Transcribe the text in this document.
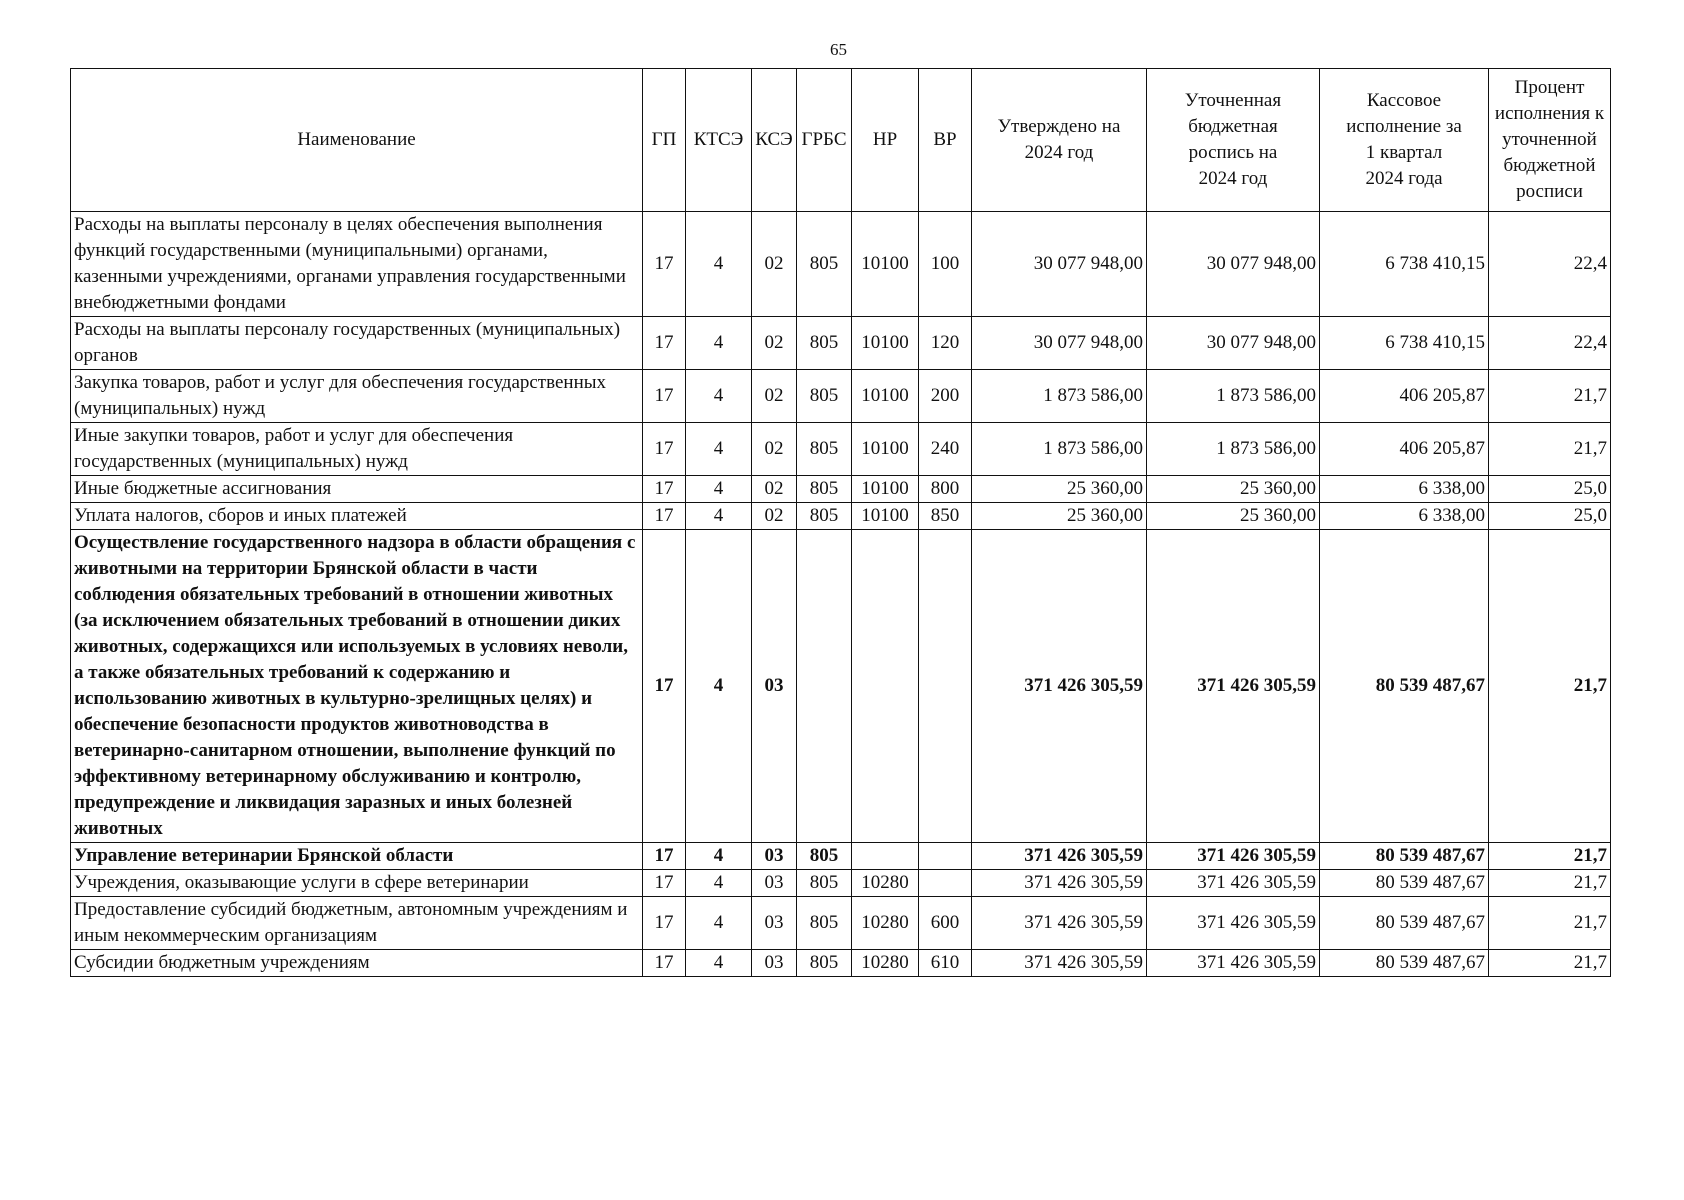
65
Наименование	ГП	КТСЭ	КСЭ	ГРБС	НР	ВР	Утверждено на 2024 год	Уточненная бюджетная роспись на 2024 год	Кассовое исполнение за 1 квартал 2024 года	Процент исполнения к уточненной бюджетной росписи
Расходы на выплаты персоналу в целях обеспечения выполнения функций государственными (муниципальными) органами, казенными учреждениями, органами управления государственными внебюджетными фондами	17	4	02	805	10100	100	30 077 948,00	30 077 948,00	6 738 410,15	22,4
Расходы на выплаты персоналу государственных (муниципальных) органов	17	4	02	805	10100	120	30 077 948,00	30 077 948,00	6 738 410,15	22,4
Закупка товаров, работ и услуг для обеспечения государственных (муниципальных) нужд	17	4	02	805	10100	200	1 873 586,00	1 873 586,00	406 205,87	21,7
Иные закупки товаров, работ и услуг для обеспечения государственных (муниципальных) нужд	17	4	02	805	10100	240	1 873 586,00	1 873 586,00	406 205,87	21,7
Иные бюджетные ассигнования	17	4	02	805	10100	800	25 360,00	25 360,00	6 338,00	25,0
Уплата налогов, сборов и иных платежей	17	4	02	805	10100	850	25 360,00	25 360,00	6 338,00	25,0
Осуществление государственного надзора в области обращения с животными на территории Брянской области в части соблюдения обязательных требований в отношении животных (за исключением обязательных требований в отношении диких животных, содержащихся или используемых в условиях неволи, а также обязательных требований к содержанию и использованию животных в культурно-зрелищных целях) и обеспечение безопасности продуктов животноводства в ветеринарно-санитарном отношении, выполнение функций по эффективному ветеринарному обслуживанию и контролю, предупреждение и ликвидация заразных и иных болезней животных	17	4	03				371 426 305,59	371 426 305,59	80 539 487,67	21,7
Управление ветеринарии Брянской области	17	4	03	805			371 426 305,59	371 426 305,59	80 539 487,67	21,7
Учреждения, оказывающие услуги в сфере ветеринарии	17	4	03	805	10280		371 426 305,59	371 426 305,59	80 539 487,67	21,7
Предоставление субсидий бюджетным, автономным учреждениям и иным некоммерческим организациям	17	4	03	805	10280	600	371 426 305,59	371 426 305,59	80 539 487,67	21,7
Субсидии бюджетным учреждениям	17	4	03	805	10280	610	371 426 305,59	371 426 305,59	80 539 487,67	21,7
